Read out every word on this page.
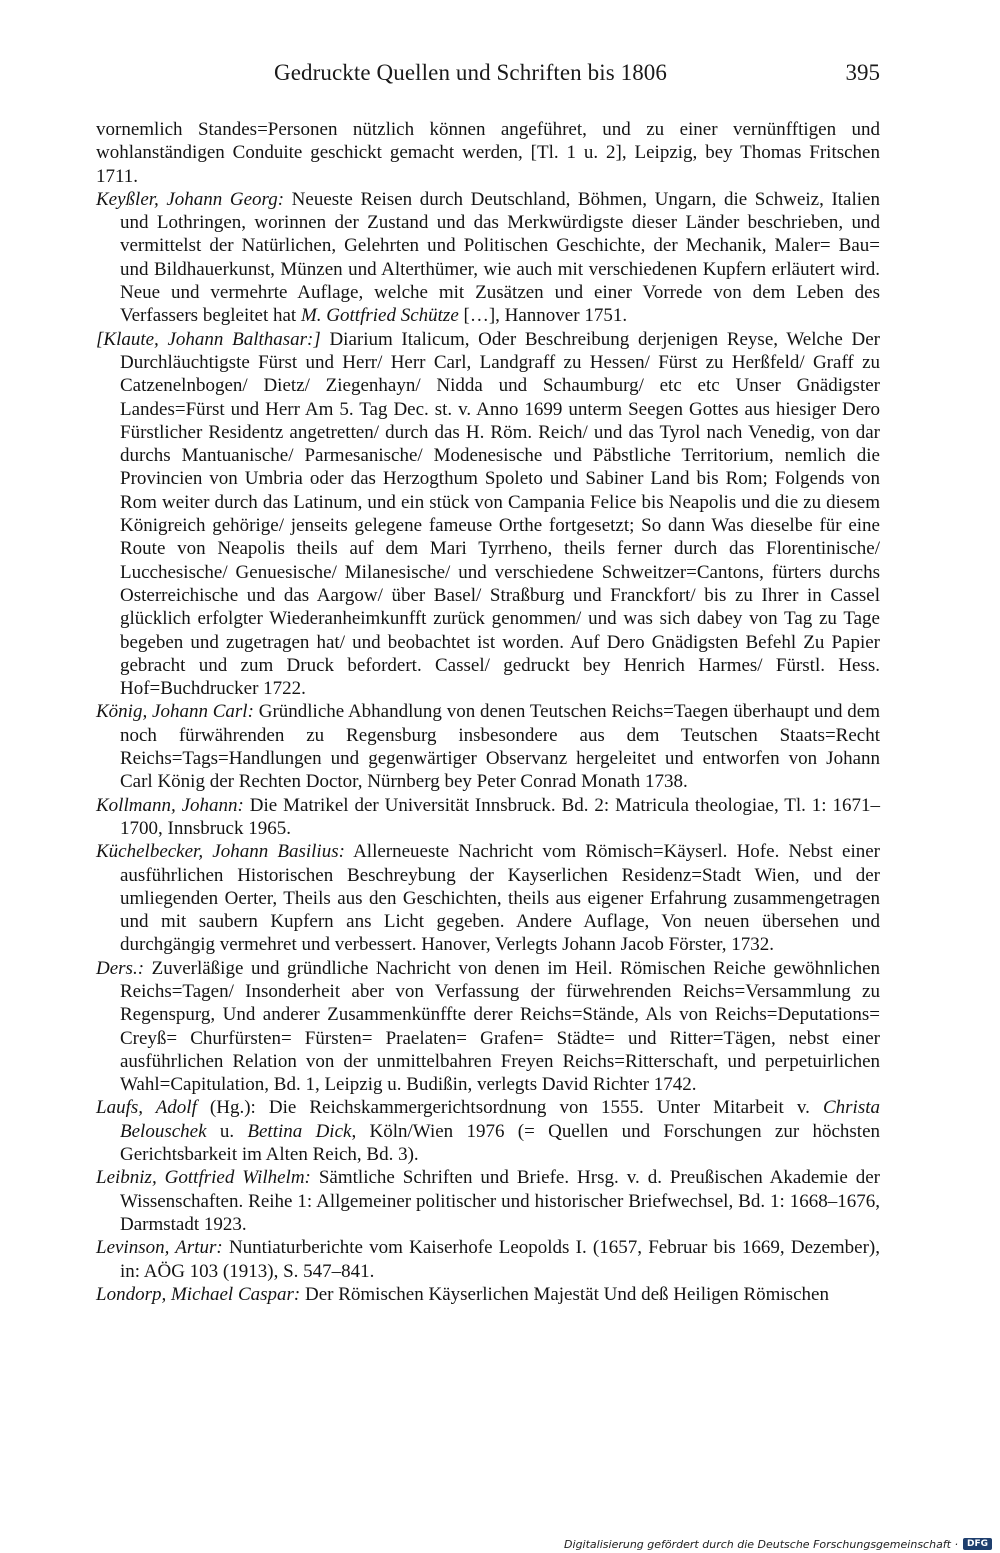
Gedruckte Quellen und Schriften bis 1806	395

vornemlich Standes=Personen nützlich können angeführet, und zu einer vernünfftigen und wohlanständigen Conduite geschickt gemacht werden, [Tl. 1 u. 2], Leipzig, bey Thomas Fritschen 1711.

Keyßler, Johann Georg: Neueste Reisen durch Deutschland, Böhmen, Ungarn, die Schweiz, Italien und Lothringen, worinnen der Zustand und das Merkwürdigste dieser Länder beschrieben, und vermittelst der Natürlichen, Gelehrten und Politischen Geschichte, der Mechanik, Maler= Bau= und Bildhauerkunst, Münzen und Alterthümer, wie auch mit verschiedenen Kupfern erläutert wird. Neue und vermehrte Auflage, welche mit Zusätzen und einer Vorrede von dem Leben des Verfassers begleitet hat M. Gottfried Schütze […], Hannover 1751.

[Klaute, Johann Balthasar:] Diarium Italicum, Oder Beschreibung derjenigen Reyse, Welche Der Durchläuchtigste Fürst und Herr/ Herr Carl, Landgraff zu Hessen/ Fürst zu Herßfeld/ Graff zu Catzenelnbogen/ Dietz/ Ziegenhayn/ Nidda und Schaumburg/ etc etc Unser Gnädigster Landes=Fürst und Herr Am 5. Tag Dec. st. v. Anno 1699 unterm Seegen Gottes aus hiesiger Dero Fürstlicher Residentz angetretten/ durch das H. Röm. Reich/ und das Tyrol nach Venedig, von dar durchs Mantuanische/ Parmesanische/ Modenesische und Päbstliche Territorium, nemlich die Provincien von Umbria oder das Herzogthum Spoleto und Sabiner Land bis Rom; Folgends von Rom weiter durch das Latinum, und ein stück von Campania Felice bis Neapolis und die zu diesem Königreich gehörige/ jenseits gelegene fameuse Orthe fortgesetzt; So dann Was dieselbe für eine Route von Neapolis theils auf dem Mari Tyrrheno, theils ferner durch das Florentinische/ Lucchesische/ Genuesische/ Milanesische/ und verschiedene Schweitzer=Cantons, fürters durchs Osterreichische und das Aargow/ über Basel/ Straßburg und Franckfort/ bis zu Ihrer in Cassel glücklich erfolgter Wiederanheimkunfft zurück genommen/ und was sich dabey von Tag zu Tage begeben und zugetragen hat/ und beobachtet ist worden. Auf Dero Gnädigsten Befehl Zu Papier gebracht und zum Druck befordert. Cassel/ gedruckt bey Henrich Harmes/ Fürstl. Hess. Hof=Buchdrucker 1722.

König, Johann Carl: Gründliche Abhandlung von denen Teutschen Reichs=Taegen überhaupt und dem noch fürwährenden zu Regensburg insbesondere aus dem Teutschen Staats=Recht Reichs=Tags=Handlungen und gegenwärtiger Observanz hergeleitet und entworfen von Johann Carl König der Rechten Doctor, Nürnberg bey Peter Conrad Monath 1738.

Kollmann, Johann: Die Matrikel der Universität Innsbruck. Bd. 2: Matricula theologiae, Tl. 1: 1671–1700, Innsbruck 1965.

Küchelbecker, Johann Basilius: Allerneueste Nachricht vom Römisch=Käyserl. Hofe. Nebst einer ausführlichen Historischen Beschreybung der Kayserlichen Residenz=Stadt Wien, und der umliegenden Oerter, Theils aus den Geschichten, theils aus eigener Erfahrung zusammengetragen und mit saubern Kupfern ans Licht gegeben. Andere Auflage, Von neuen übersehen und durchgängig vermehret und verbessert. Hanover, Verlegts Johann Jacob Förster, 1732.

Ders.: Zuverläßige und gründliche Nachricht von denen im Heil. Römischen Reiche gewöhnlichen Reichs=Tagen/ Insonderheit aber von Verfassung der fürwehrenden Reichs=Versammlung zu Regenspurg, Und anderer Zusammenkünffte derer Reichs=Stände, Als von Reichs=Deputations= Creyß= Churfürsten= Fürsten= Praelaten= Grafen= Städte= und Ritter=Tägen, nebst einer ausführlichen Relation von der unmittelbahren Freyen Reichs=Ritterschaft, und perpetuirlichen Wahl=Capitulation, Bd. 1, Leipzig u. Budißin, verlegts David Richter 1742.

Laufs, Adolf (Hg.): Die Reichskammergerichtsordnung von 1555. Unter Mitarbeit v. Christa Belouschek u. Bettina Dick, Köln/Wien 1976 (= Quellen und Forschungen zur höchsten Gerichtsbarkeit im Alten Reich, Bd. 3).

Leibniz, Gottfried Wilhelm: Sämtliche Schriften und Briefe. Hrsg. v. d. Preußischen Akademie der Wissenschaften. Reihe 1: Allgemeiner politischer und historischer Briefwechsel, Bd. 1: 1668–1676, Darmstadt 1923.

Levinson, Artur: Nuntiaturberichte vom Kaiserhofe Leopolds I. (1657, Februar bis 1669, Dezember), in: AÖG 103 (1913), S. 547–841.

Londorp, Michael Caspar: Der Römischen Käyserlichen Majestät Und deß Heiligen Römischen

Digitalisierung gefördert durch die Deutsche Forschungsgemeinschaft ·	DFG
